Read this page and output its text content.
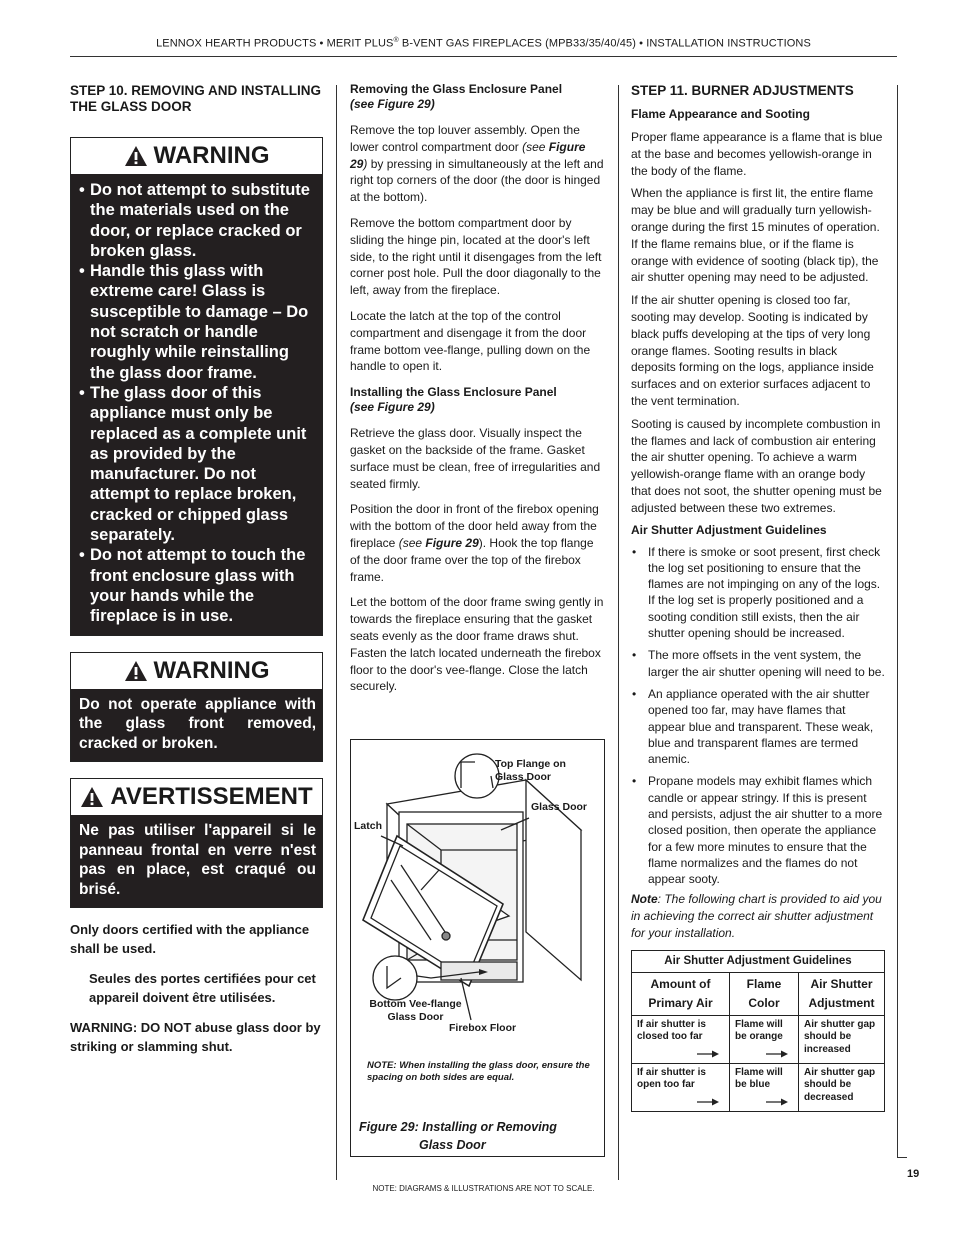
LENNOX HEARTH PRODUCTS • MERIT PLUS® B-VENT GAS FIREPLACES (MPB33/35/40/45) • INSTALLATION INSTRUCTIONS
STEP 10. REMOVING AND INSTALLING THE GLASS DOOR
WARNING
• Do not attempt to substitute the materials used on the door, or replace cracked or broken glass.
• Handle this glass with extreme care! Glass is susceptible to damage – Do not scratch or handle roughly while reinstalling the glass door frame.
• The glass door of this appliance must only be replaced as a complete unit as provided by the manufacturer. Do not attempt to replace broken, cracked or chipped glass separately.
• Do not attempt to touch the front enclosure glass with your hands while the fireplace is in use.
WARNING
Do not operate appliance with the glass front removed, cracked or broken.
AVERTISSEMENT
Ne pas utiliser l'appareil si le panneau frontal en verre n'est pas en place, est craqué ou brisé.
Only doors certified with the appliance shall be used.
Seules des portes certifiées pour cet appareil doivent être utilisées.
WARNING: DO NOT abuse glass door by striking or slamming shut.
Removing the Glass Enclosure Panel
(see Figure 29)

Remove the top louver assembly. Open the lower control compartment door (see Figure 29) by pressing in simultaneously at the left and right top corners of the door (the door is hinged at the bottom).

Remove the bottom compartment door by sliding the hinge pin, located at the door's left side, to the right until it disengages from the left corner post hole. Pull the door diagonally to the left, away from the fireplace.

Locate the latch at the top of the control compartment and disengage it from the door frame bottom vee-flange, pulling down on the handle to open it.

Installing the Glass Enclosure Panel
(see Figure 29)

Retrieve the glass door. Visually inspect the gasket on the backside of the frame. Gasket surface must be clean, free of irregularities and seated firmly.

Position the door in front of the firebox opening with the bottom of the door held away from the fireplace (see Figure 29). Hook the top flange of the door frame over the top of the firebox frame.

Let the bottom of the door frame swing gently in towards the fireplace ensuring that the gasket seats evenly as the door frame draws shut. Fasten the latch located underneath the firebox floor to the door's vee-flange. Close the latch securely.

Top Flange on Glass Door
Glass Door
Latch
Bottom Vee-flange Glass Door
Firebox Floor
NOTE: When installing the glass door, ensure the spacing on both sides are equal.
Figure 29: Installing or Removing
Glass Door
STEP 11. BURNER ADJUSTMENTS
Flame Appearance and Sooting

Proper flame appearance is a flame that is blue at the base and becomes yellowish-orange in the body of the flame.

When the appliance is first lit, the entire flame may be blue and will gradually turn yellowish-orange during the first 15 minutes of operation. If the flame remains blue, or if the flame is orange with evidence of sooting (black tip), the air shutter opening may need to be adjusted.

If the air shutter opening is closed too far, sooting may develop. Sooting is indicated by black puffs developing at the tips of very long orange flames. Sooting results in black deposits forming on the logs, appliance inside surfaces and on exterior surfaces adjacent to the vent termination.

Sooting is caused by incomplete combustion in the flames and lack of combustion air entering the air shutter opening. To achieve a warm yellowish-orange flame with an orange body that does not soot, the shutter opening must be adjusted between these two extremes.

Air Shutter Adjustment Guidelines
• If there is smoke or soot present, first check the log set positioning to ensure that the flames are not impinging on any of the logs. If the log set is properly positioned and a sooting condition still exists, then the air shutter opening should be increased.
• The more offsets in the vent system, the larger the air shutter opening will need to be.
• An appliance operated with the air shutter opened too far, may have flames that appear blue and transparent. These weak, blue and transparent flames are termed anemic.
• Propane models may exhibit flames which candle or appear stringy. If this is present and persists, adjust the air shutter to a more closed position, then operate the appliance for a few more minutes to ensure that the flame normalizes and the flames do not appear sooty.

Note: The following chart is provided to aid you in achieving the correct air shutter adjustment for your installation.

Air Shutter Adjustment Guidelines		
Amount of Primary Air	Flame Color	Air Shutter Adjustment
If air shutter is closed too far	Flame will be orange	Air shutter gap should be increased
If air shutter is open too far	Flame will be blue	Air shutter gap should be decreased
19
NOTE: DIAGRAMS & ILLUSTRATIONS ARE NOT TO SCALE.
